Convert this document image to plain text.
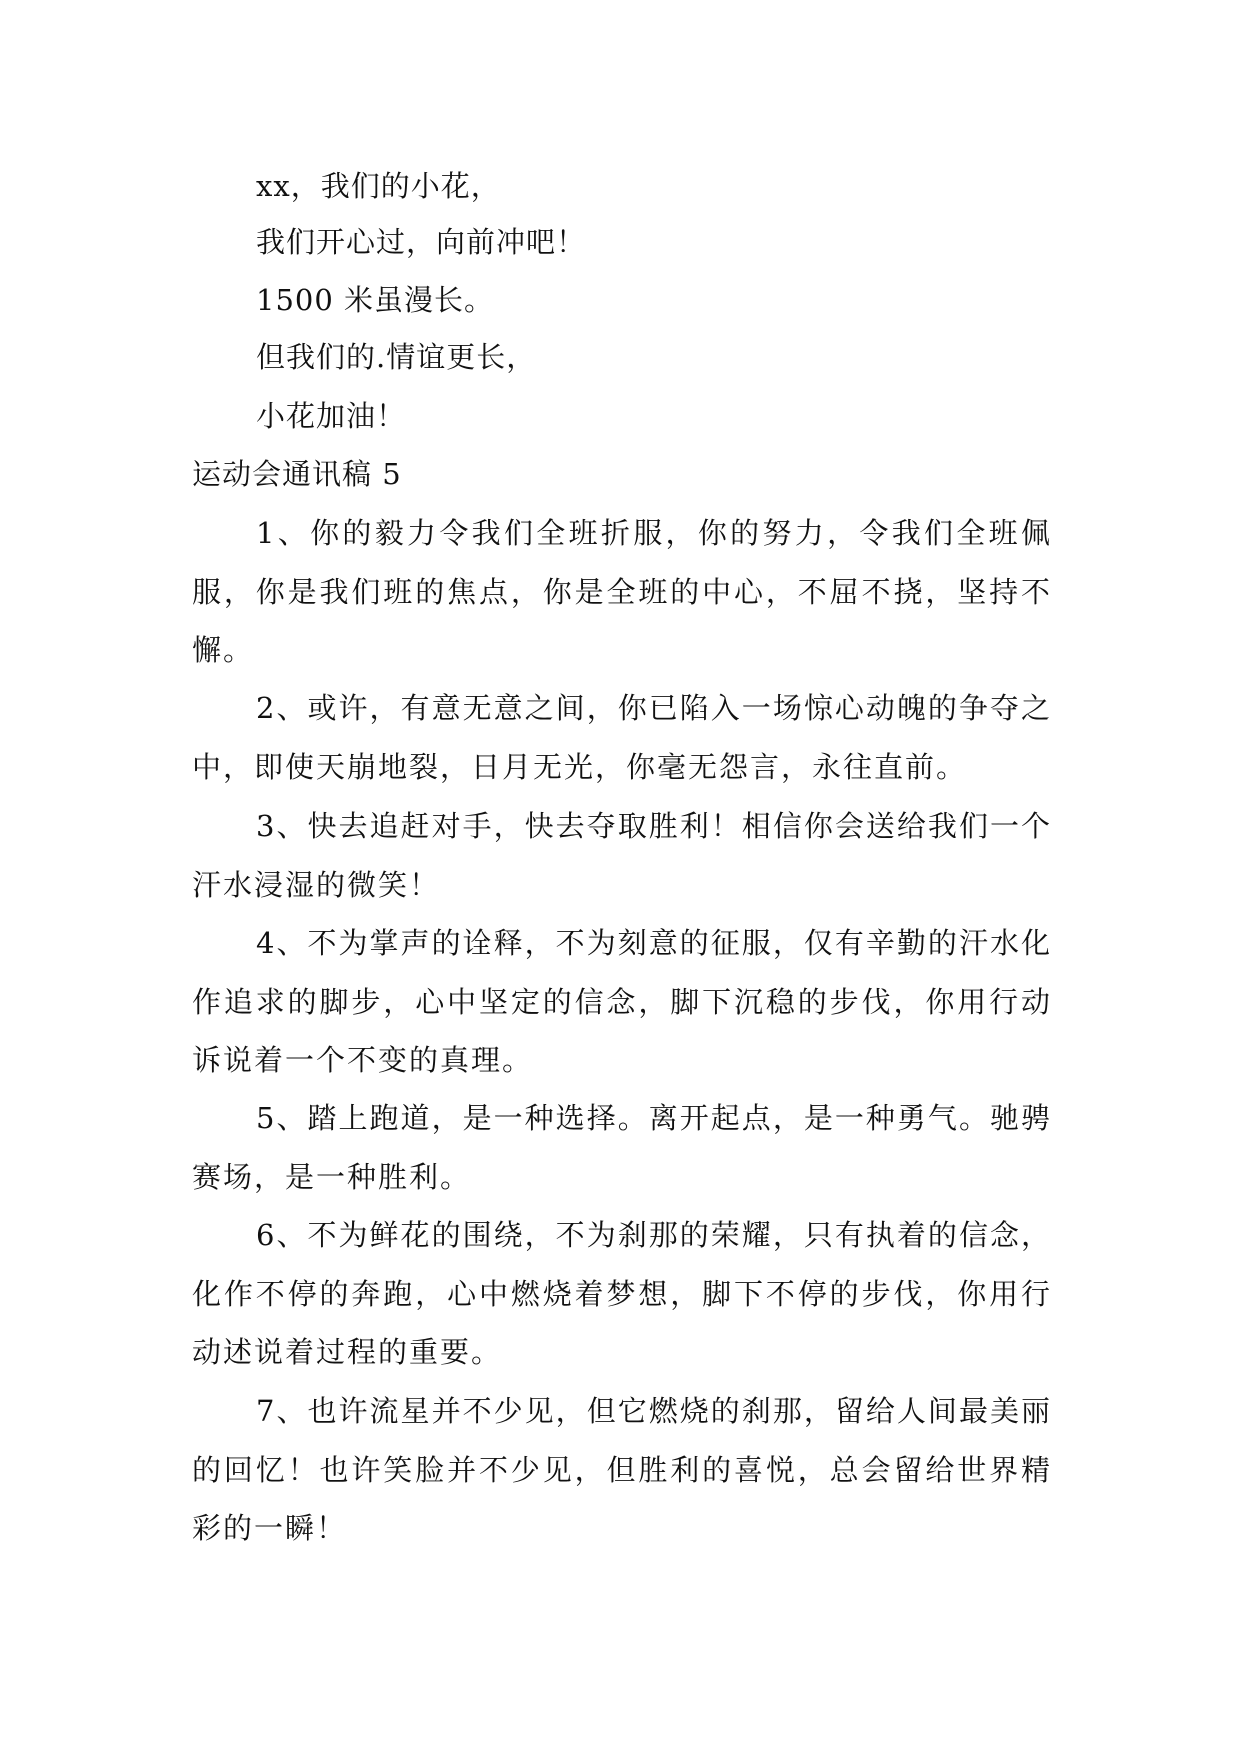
xx，我们的小花，
我们开心过，向前冲吧！
1500 米虽漫长。
但我们的.情谊更长，
小花加油！
运动会通讯稿 5

1、你的毅力令我们全班折服，你的努力，令我们全班佩服，你是我们班的焦点，你是全班的中心，不屈不挠，坚持不懈。

2、或许，有意无意之间，你已陷入一场惊心动魄的争夺之中，即使天崩地裂，日月无光，你毫无怨言，永往直前。

3、快去追赶对手，快去夺取胜利！相信你会送给我们一个汗水浸湿的微笑！

4、不为掌声的诠释，不为刻意的征服，仅有辛勤的汗水化作追求的脚步，心中坚定的信念，脚下沉稳的步伐，你用行动诉说着一个不变的真理。

5、踏上跑道，是一种选择。离开起点，是一种勇气。驰骋赛场，是一种胜利。

6、不为鲜花的围绕，不为刹那的荣耀，只有执着的信念，化作不停的奔跑，心中燃烧着梦想，脚下不停的步伐，你用行动述说着过程的重要。

7、也许流星并不少见，但它燃烧的刹那，留给人间最美丽的回忆！也许笑脸并不少见，但胜利的喜悦，总会留给世界精彩的一瞬！
